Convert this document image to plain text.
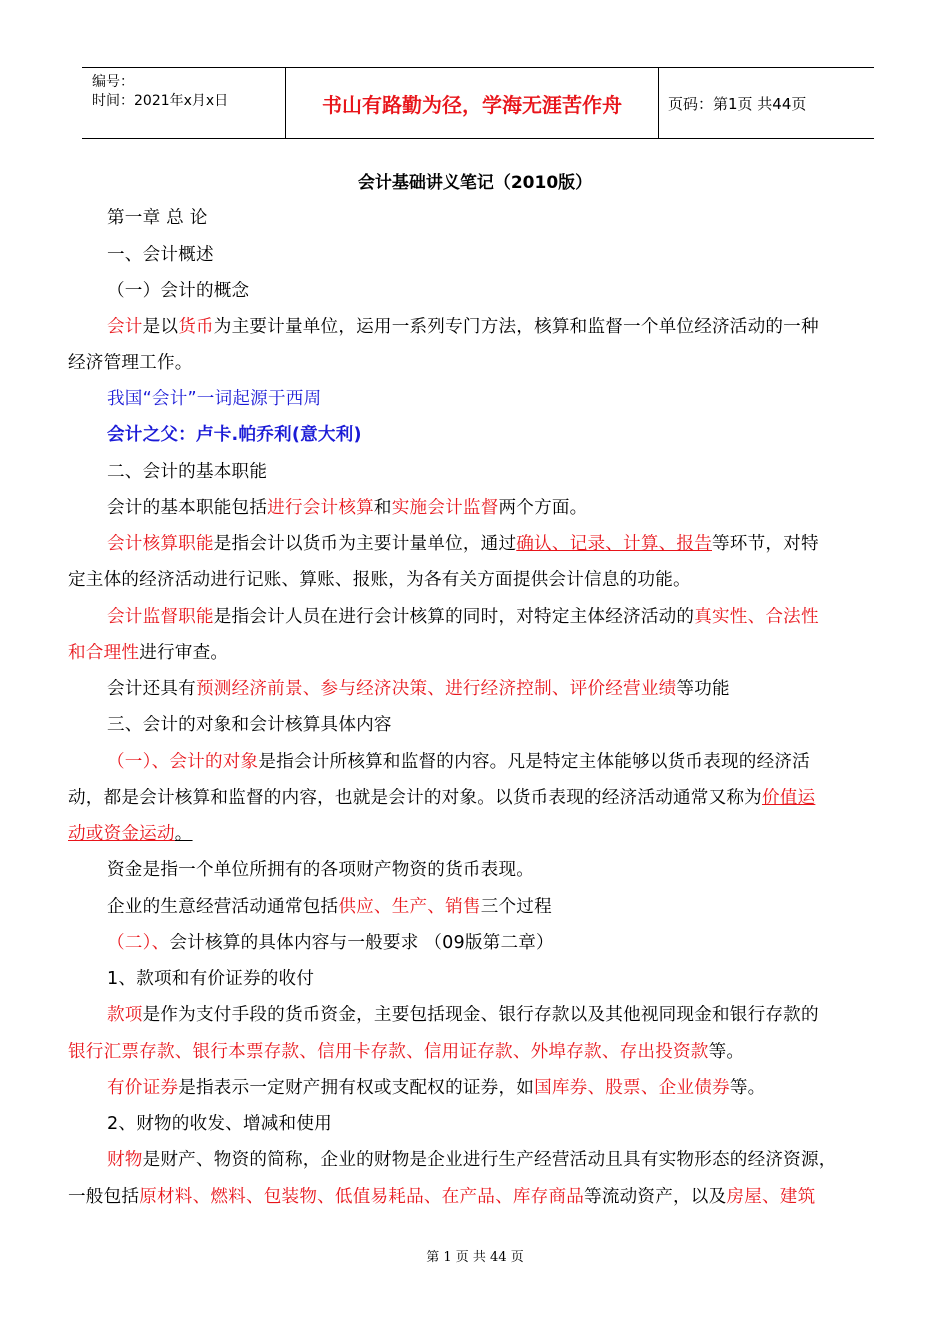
编号：
时间：2021年x月x日	书山有路勤为径，学海无涯苦作舟	页码：第1页 共44页
会计基础讲义笔记（2010版）
第一章 总 论
一、会计概述
（一）会计的概念
会计是以货币为主要计量单位，运用一系列专门方法，核算和监督一个单位经济活动的一种
经济管理工作。
我国“会计”一词起源于西周
会计之父：卢卡.帕乔利(意大利)
二、会计的基本职能
会计的基本职能包括进行会计核算和实施会计监督两个方面。
会计核算职能是指会计以货币为主要计量单位，通过确认、记录、计算、报告等环节，对特
定主体的经济活动进行记账、算账、报账，为各有关方面提供会计信息的功能。
会计监督职能是指会计人员在进行会计核算的同时，对特定主体经济活动的真实性、合法性
和合理性进行审查。
会计还具有预测经济前景、参与经济决策、进行经济控制、评价经营业绩等功能
三、会计的对象和会计核算具体内容
（一）、会计的对象是指会计所核算和监督的内容。凡是特定主体能够以货币表现的经济活
动，都是会计核算和监督的内容，也就是会计的对象。以货币表现的经济活动通常又称为价值运
动或资金运动。
资金是指一个单位所拥有的各项财产物资的货币表现。
企业的生意经营活动通常包括供应、生产、销售三个过程
（二）、会计核算的具体内容与一般要求 （09版第二章）
1、款项和有价证券的收付
款项是作为支付手段的货币资金，主要包括现金、银行存款以及其他视同现金和银行存款的
银行汇票存款、银行本票存款、信用卡存款、信用证存款、外埠存款、存出投资款等。
有价证券是指表示一定财产拥有权或支配权的证券，如国库券、股票、企业债券等。
2、财物的收发、增减和使用
财物是财产、物资的简称，企业的财物是企业进行生产经营活动且具有实物形态的经济资源，
一般包括原材料、燃料、包装物、低值易耗品、在产品、库存商品等流动资产，以及房屋、建筑
第 1 页 共 44 页
